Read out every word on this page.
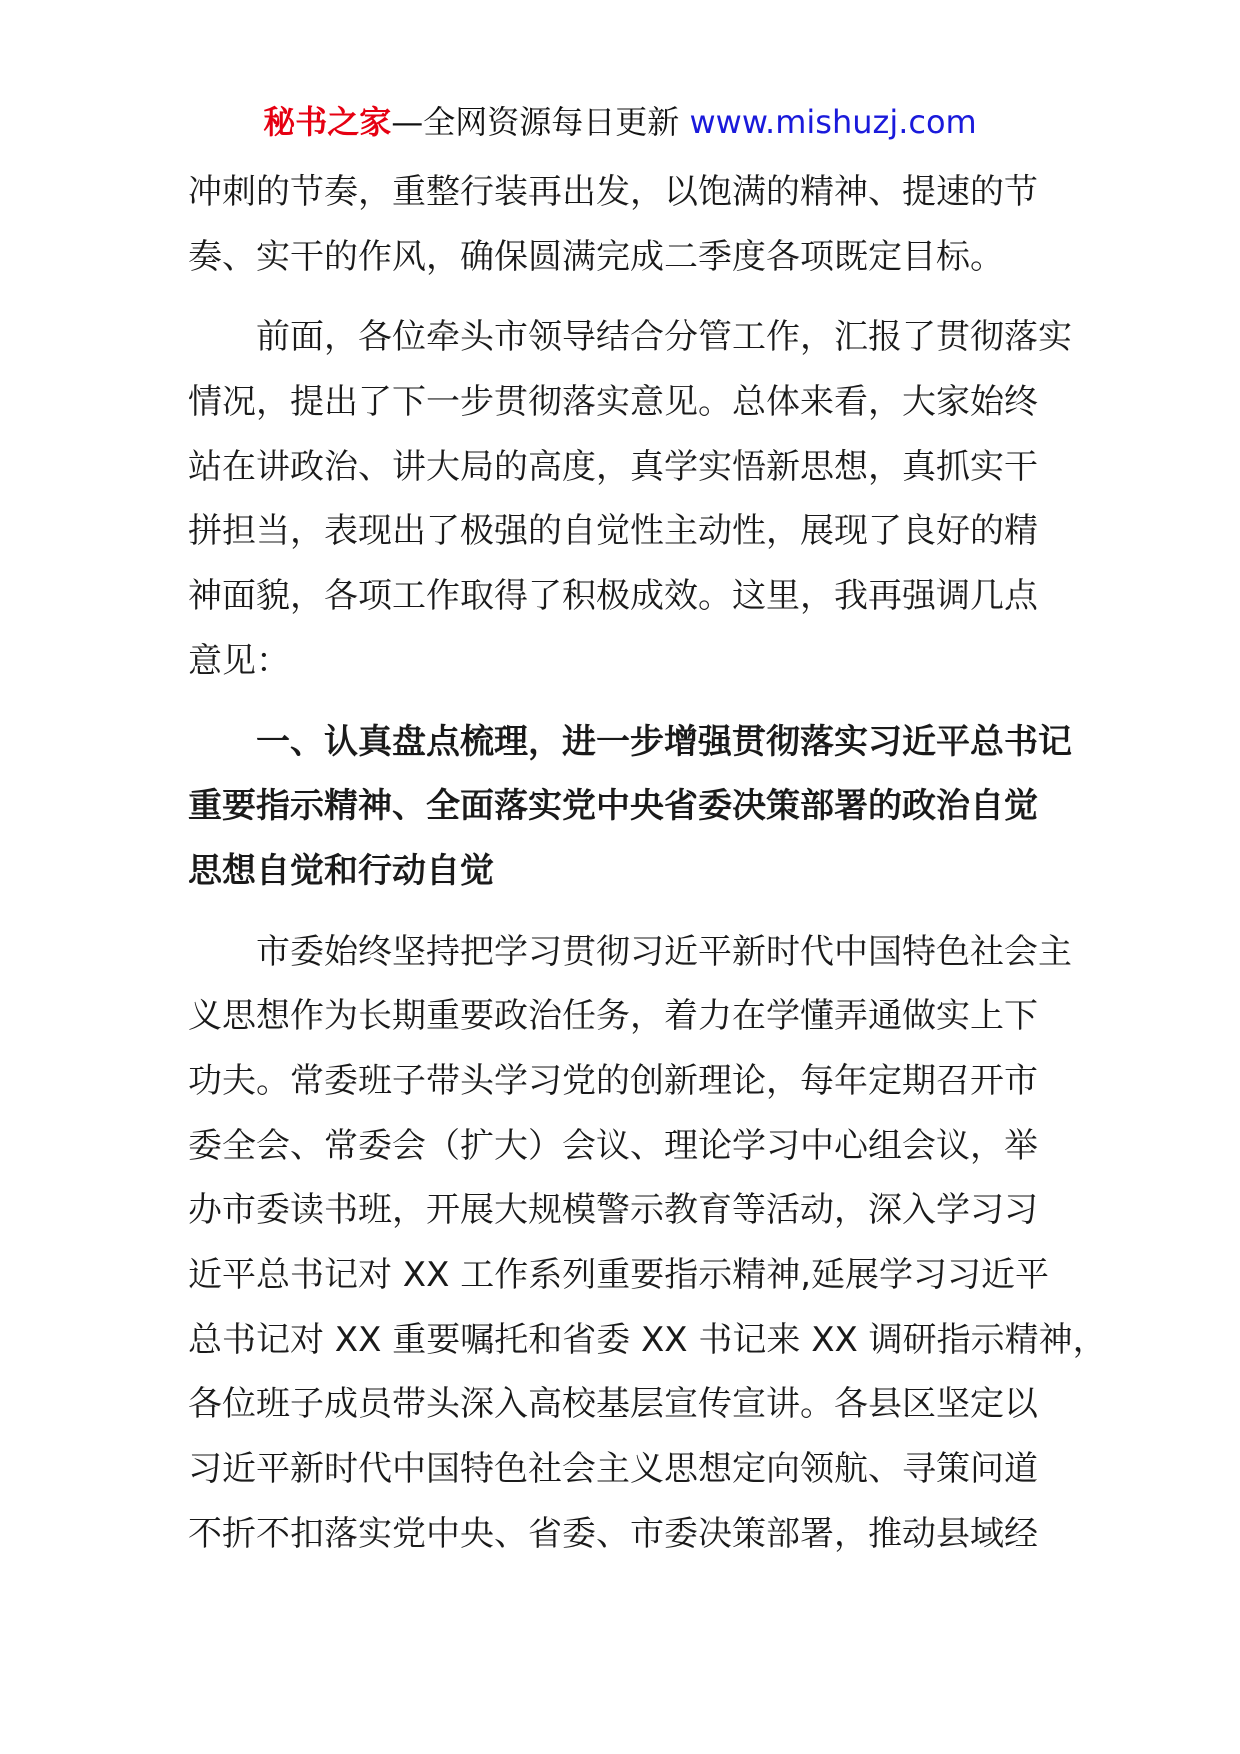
秘书之家—全网资源每日更新 www.mishuzj.com
冲刺的节奏，重整行装再出发，以饱满的精神、提速的节
奏、实干的作风，确保圆满完成二季度各项既定目标。
　　前面，各位牵头市领导结合分管工作，汇报了贯彻落实
情况，提出了下一步贯彻落实意见。总体来看，大家始终
站在讲政治、讲大局的高度，真学实悟新思想，真抓实干
拼担当，表现出了极强的自觉性主动性，展现了良好的精
神面貌，各项工作取得了积极成效。这里，我再强调几点
意见：
　　一、认真盘点梳理，进一步增强贯彻落实习近平总书记
重要指示精神、全面落实党中央省委决策部署的政治自觉
思想自觉和行动自觉
　　市委始终坚持把学习贯彻习近平新时代中国特色社会主
义思想作为长期重要政治任务，着力在学懂弄通做实上下
功夫。常委班子带头学习党的创新理论，每年定期召开市
委全会、常委会（扩大）会议、理论学习中心组会议，举
办市委读书班，开展大规模警示教育等活动，深入学习习
近平总书记对 XX 工作系列重要指示精神,延展学习习近平
总书记对 XX 重要嘱托和省委 XX 书记来 XX 调研指示精神，
各位班子成员带头深入高校基层宣传宣讲。各县区坚定以
习近平新时代中国特色社会主义思想定向领航、寻策问道
不折不扣落实党中央、省委、市委决策部署，推动县域经
